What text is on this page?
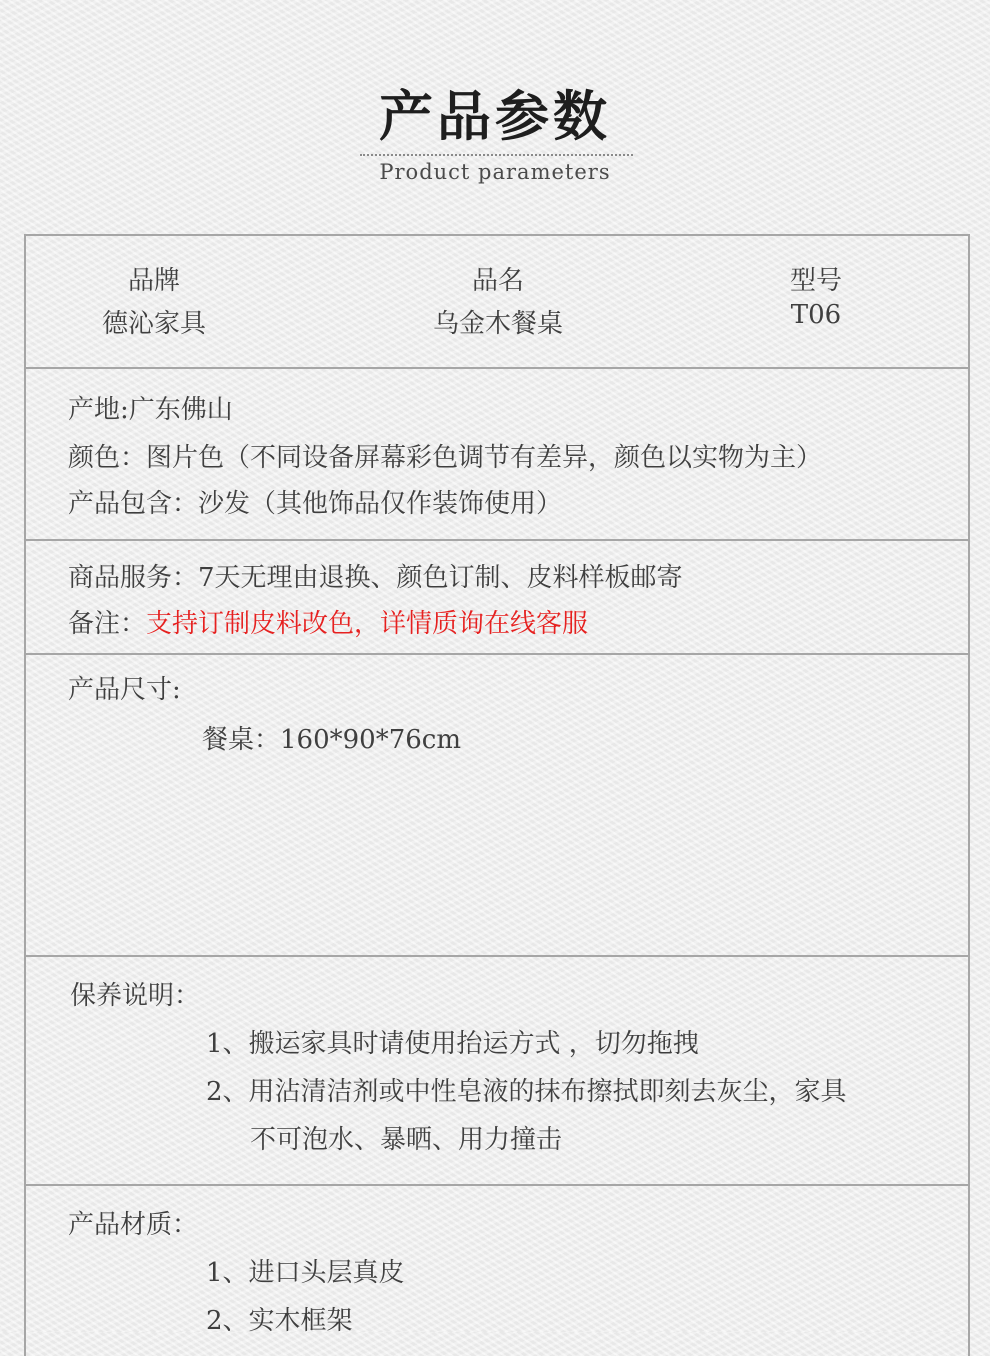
产品参数
Product parameters
品牌
德沁家具
品名
乌金木餐桌
型号
T06
产地:广东佛山
颜色：图片色（不同设备屏幕彩色调节有差异，颜色以实物为主）
产品包含：沙发（其他饰品仅作装饰使用）
商品服务：7天无理由退换、颜色订制、皮料样板邮寄
备注：支持订制皮料改色，详情质询在线客服
产品尺寸:
餐桌：160*90*76cm
保养说明：
1、搬运家具时请使用抬运方式 ，切勿拖拽
2、用沾清洁剂或中性皂液的抹布擦拭即刻去灰尘，家具
不可泡水、暴晒、用力撞击
产品材质：
1、进口头层真皮
2、实木框架
